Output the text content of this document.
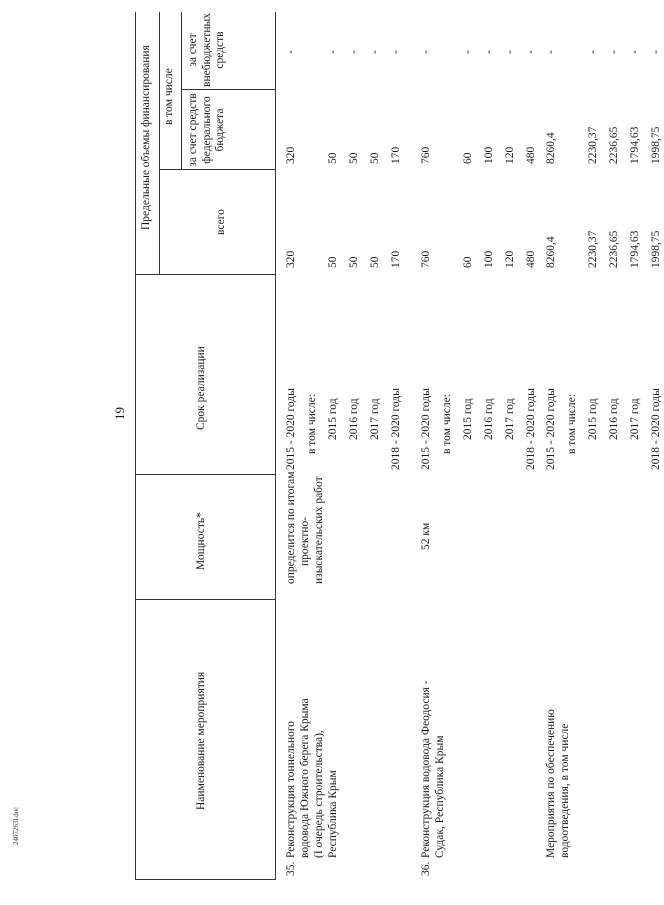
19
Наименование мероприятия
Мощность*
Срок реализации
Предельные объемы финансирования	всего
в том числе за счет средств федерального бюджета
за счет внебюджетных средств
35.
Реконструкция тоннельного водовода Южного берега Крыма (I очередь строительства), Республика Крым
определится по итогам проектно- изыскательских работ
2015 - 2020 годы
320
320
-
в том числе: 2015 год
50
50
-
2016 год
50
50
-
2017 год
50
50
-
2018 - 2020 годы
170
170
-
36.
Реконструкция водовода Феодосия - Судак, Республика Крым
52 км
2015 - 2020 годы
760
760
-
в том числе: 2015 год
60
60
-
2016 год
100
100
-
2017 год
120
120
-
2018 - 2020 годы
480
480
-
Мероприятия по обеспечению водоотведения, в том числе
2015 - 2020 годы
8260,4
8260,4
-
в том числе: 2015 год
2230,37
2230,37
-
2016 год
2236,65
2236,65
-
2017 год
1794,63
1794,63
-
2018 - 2020 годы
1998,75
1998,75
-
2407263l.doc
